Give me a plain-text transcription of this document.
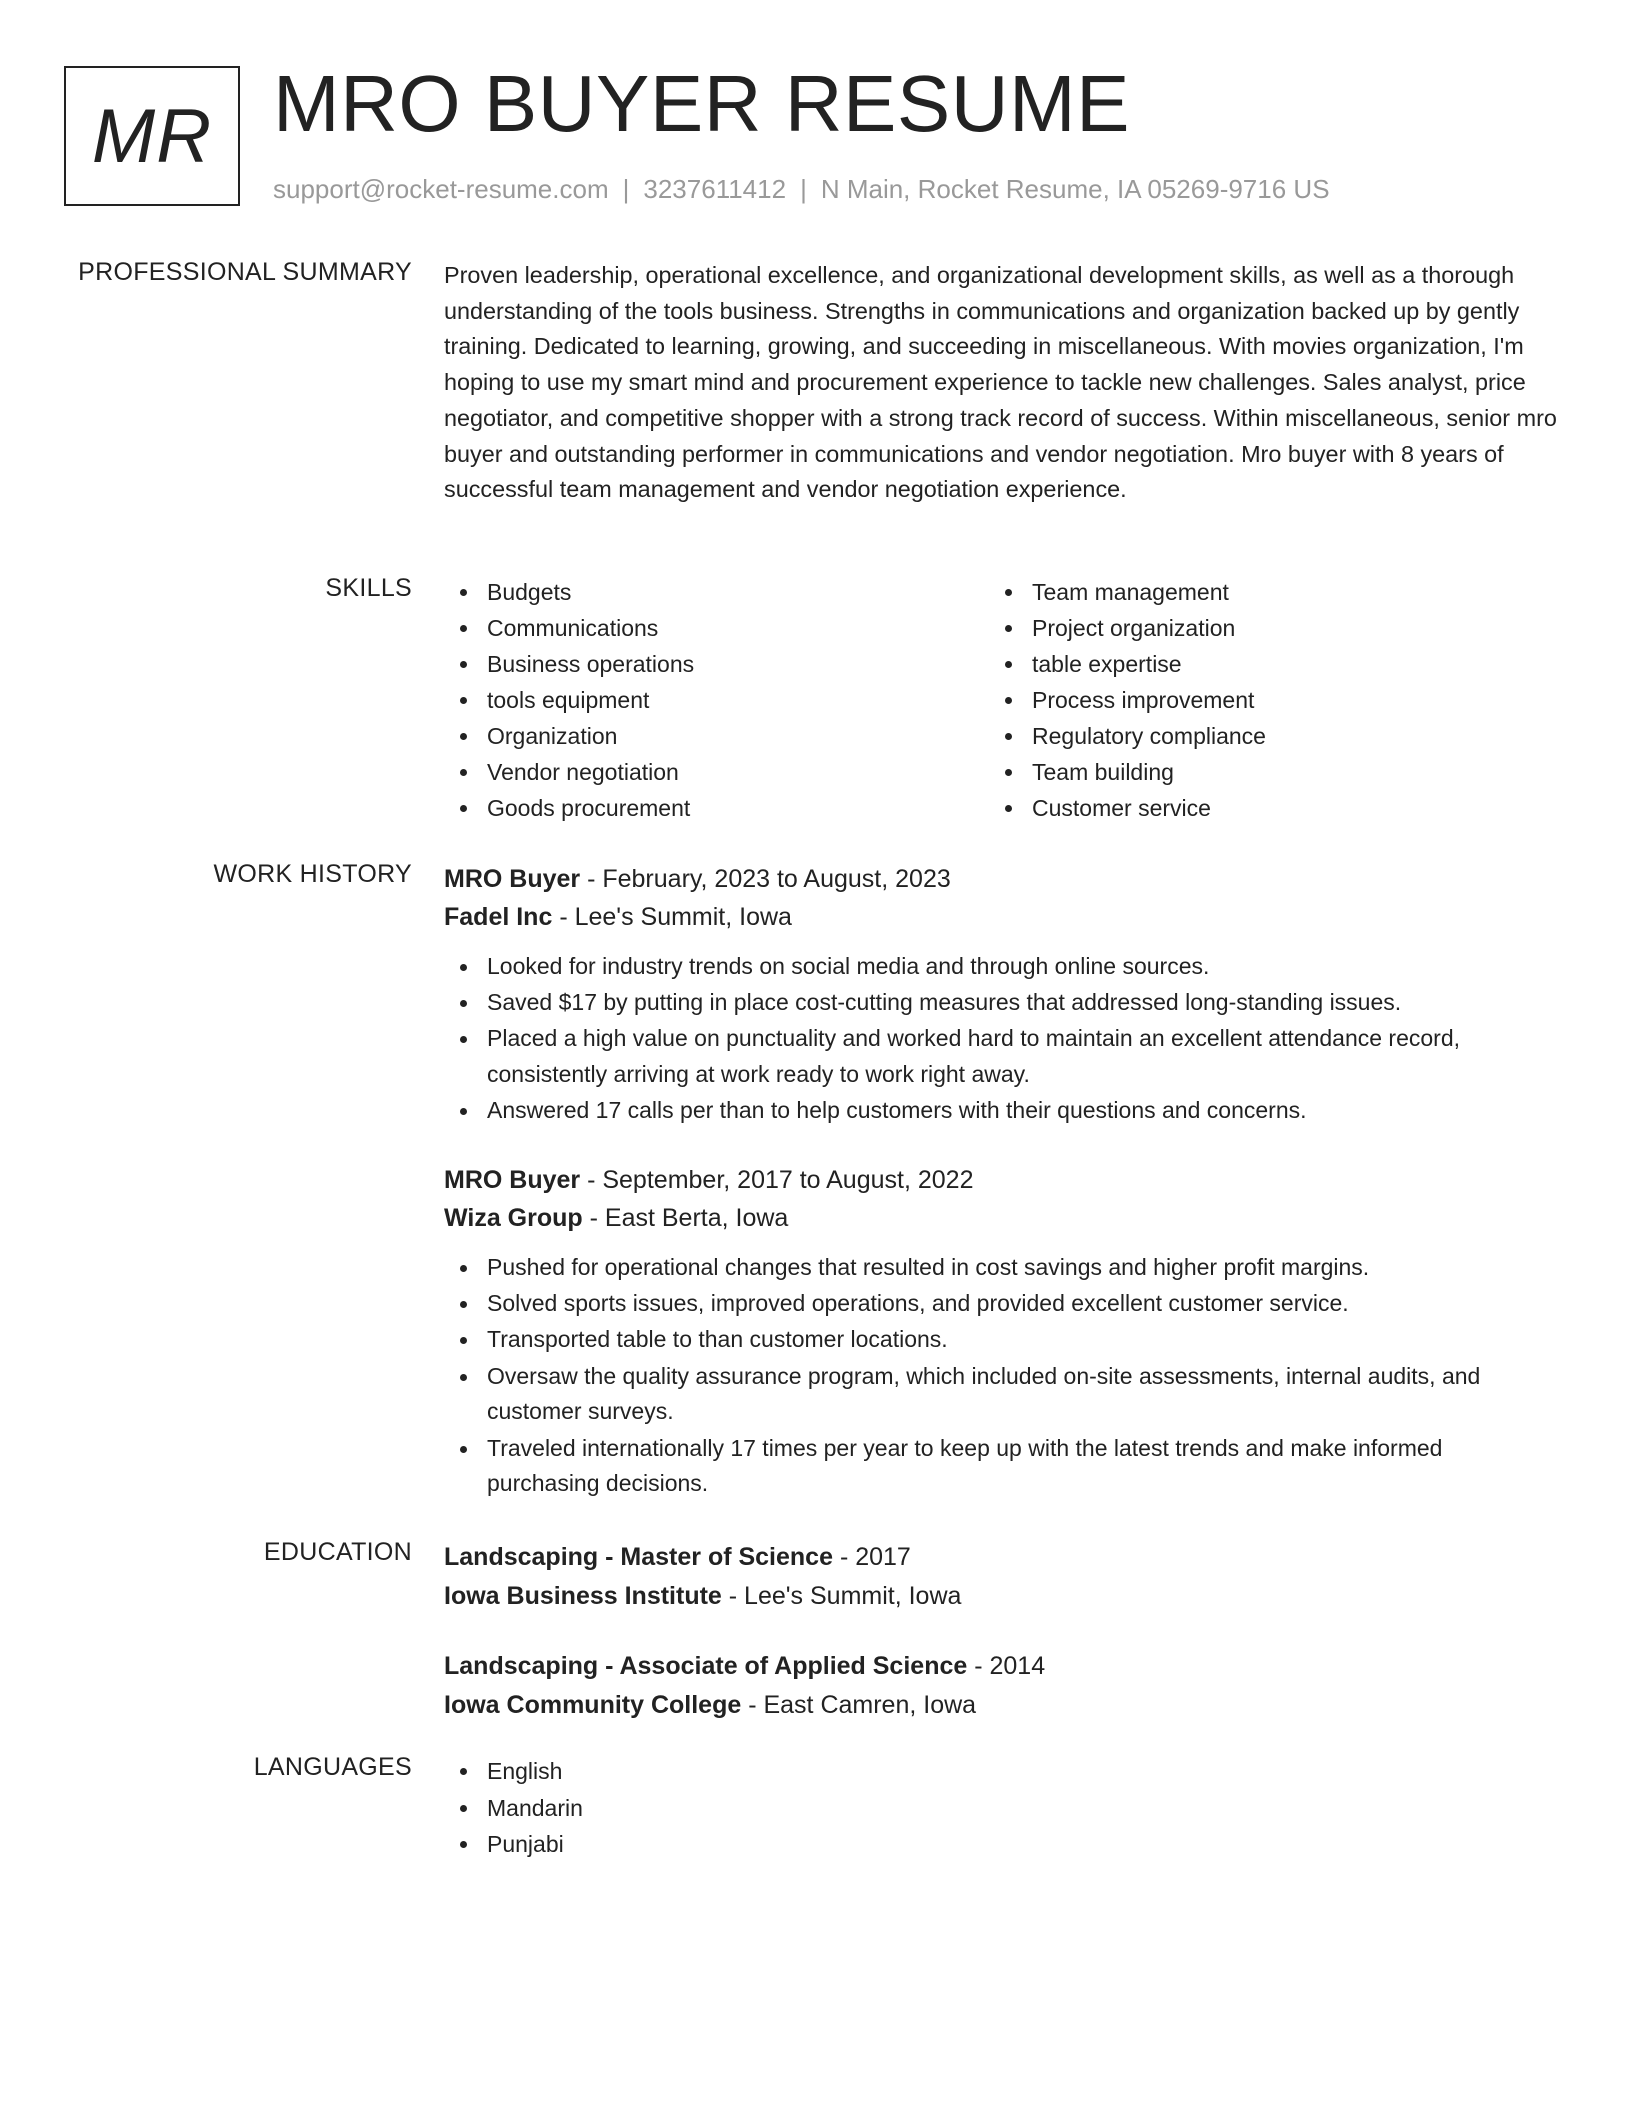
MR MRO BUYER RESUME
support@rocket-resume.com | 3237611412 | N Main, Rocket Resume, IA 05269-9716 US
PROFESSIONAL SUMMARY Proven leadership, operational excellence, and organizational development skills, as well as a thorough understanding of the tools business. Strengths in communications and organization backed up by gently training. Dedicated to learning, growing, and succeeding in miscellaneous. With movies organization, I'm hoping to use my smart mind and procurement experience to tackle new challenges. Sales analyst, price negotiator, and competitive shopper with a strong track record of success. Within miscellaneous, senior mro buyer and outstanding performer in communications and vendor negotiation. Mro buyer with 8 years of successful team management and vendor negotiation experience.

SKILLS	Budgets
Communications
Business operations
tools equipment
Organization
Vendor negotiation
Goods procurement
Team management
Project organization
table expertise
Process improvement
Regulatory compliance
Team building
Customer service
WORK HISTORY MRO Buyer - February, 2023 to August, 2023
Fadel Inc - Lee's Summit, Iowa
Looked for industry trends on social media and through online sources.
Saved $17 by putting in place cost-cutting measures that addressed long-standing issues.
Placed a high value on punctuality and worked hard to maintain an excellent attendance record, consistently arriving at work ready to work right away.
Answered 17 calls per than to help customers with their questions and concerns.
MRO Buyer - September, 2017 to August, 2022
Wiza Group - East Berta, Iowa
Pushed for operational changes that resulted in cost savings and higher profit margins.
Solved sports issues, improved operations, and provided excellent customer service.
Transported table to than customer locations.
Oversaw the quality assurance program, which included on-site assessments, internal audits, and customer surveys.
Traveled internationally 17 times per year to keep up with the latest trends and make informed purchasing decisions.
EDUCATION Landscaping - Master of Science - 2017
Iowa Business Institute - Lee's Summit, Iowa
Landscaping - Associate of Applied Science - 2014
Iowa Community College - East Camren, Iowa
LANGUAGES	English
Mandarin
Punjabi
